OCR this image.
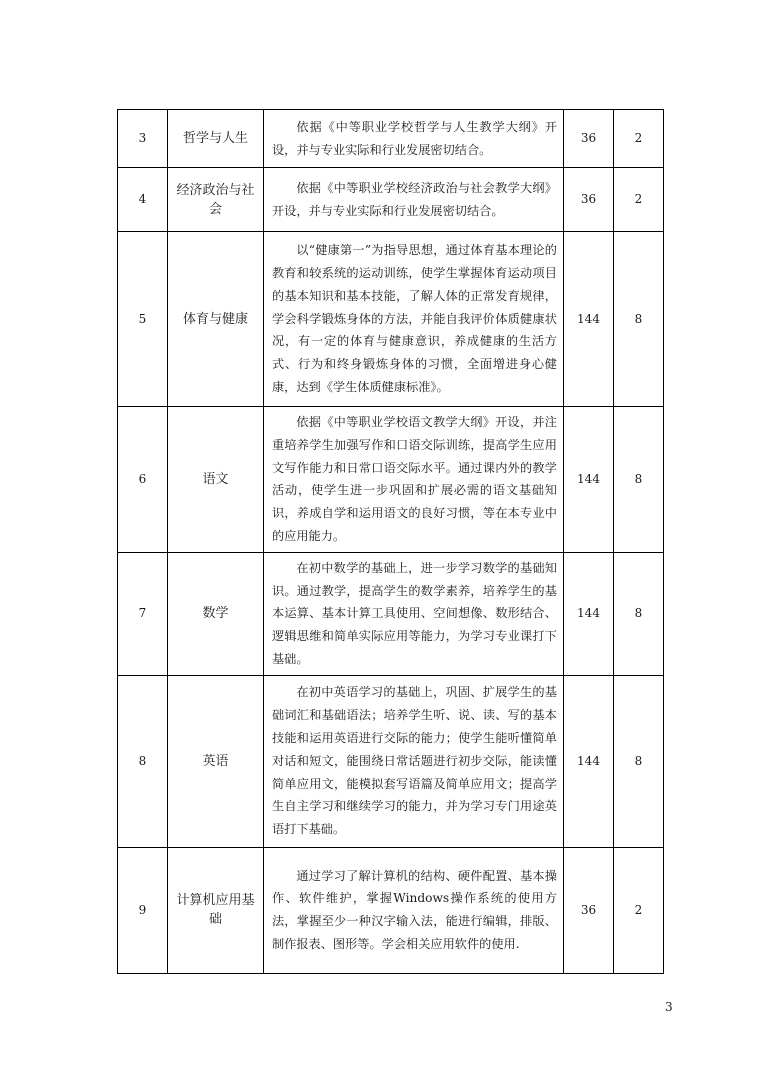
3	哲学与人生	依据《中等职业学校哲学与人生教学大纲》开设，并与专业实际和行业发展密切结合。	36	2
4	经济政治与社会	依据《中等职业学校经济政治与社会教学大纲》开设，并与专业实际和行业发展密切结合。	36	2
5	体育与健康	以“健康第一”为指导思想，通过体育基本理论的教育和较系统的运动训练，使学生掌握体育运动项目的基本知识和基本技能，了解人体的正常发育规律，学会科学锻炼身体的方法，并能自我评价体质健康状况，有一定的体育与健康意识，养成健康的生活方式、行为和终身锻炼身体的习惯，全面增进身心健康，达到《学生体质健康标准》。	144	8
6	语文	依据《中等职业学校语文教学大纲》开设，并注重培养学生加强写作和口语交际训练，提高学生应用文写作能力和日常口语交际水平。通过课内外的教学活动，使学生进一步巩固和扩展必需的语文基础知识，养成自学和运用语文的良好习惯，等在本专业中的应用能力。	144	8
7	数学	在初中数学的基础上，进一步学习数学的基础知识。通过教学，提高学生的数学素养，培养学生的基本运算、基本计算工具使用、空间想像、数形结合、逻辑思维和简单实际应用等能力，为学习专业课打下基础。	144	8
8	英语	在初中英语学习的基础上，巩固、扩展学生的基础词汇和基础语法；培养学生听、说、读、写的基本技能和运用英语进行交际的能力；使学生能听懂简单对话和短文，能围绕日常话题进行初步交际，能读懂简单应用文，能模拟套写语篇及简单应用文；提高学生自主学习和继续学习的能力，并为学习专门用途英语打下基础。	144	8
9	计算机应用基础	通过学习了解计算机的结构、硬件配置、基本操作、软件维护，掌握Windows操作系统的使用方法，掌握至少一种汉字输入法，能进行编辑，排版、制作报表、图形等。学会相关应用软件的使用.	36	2
3
